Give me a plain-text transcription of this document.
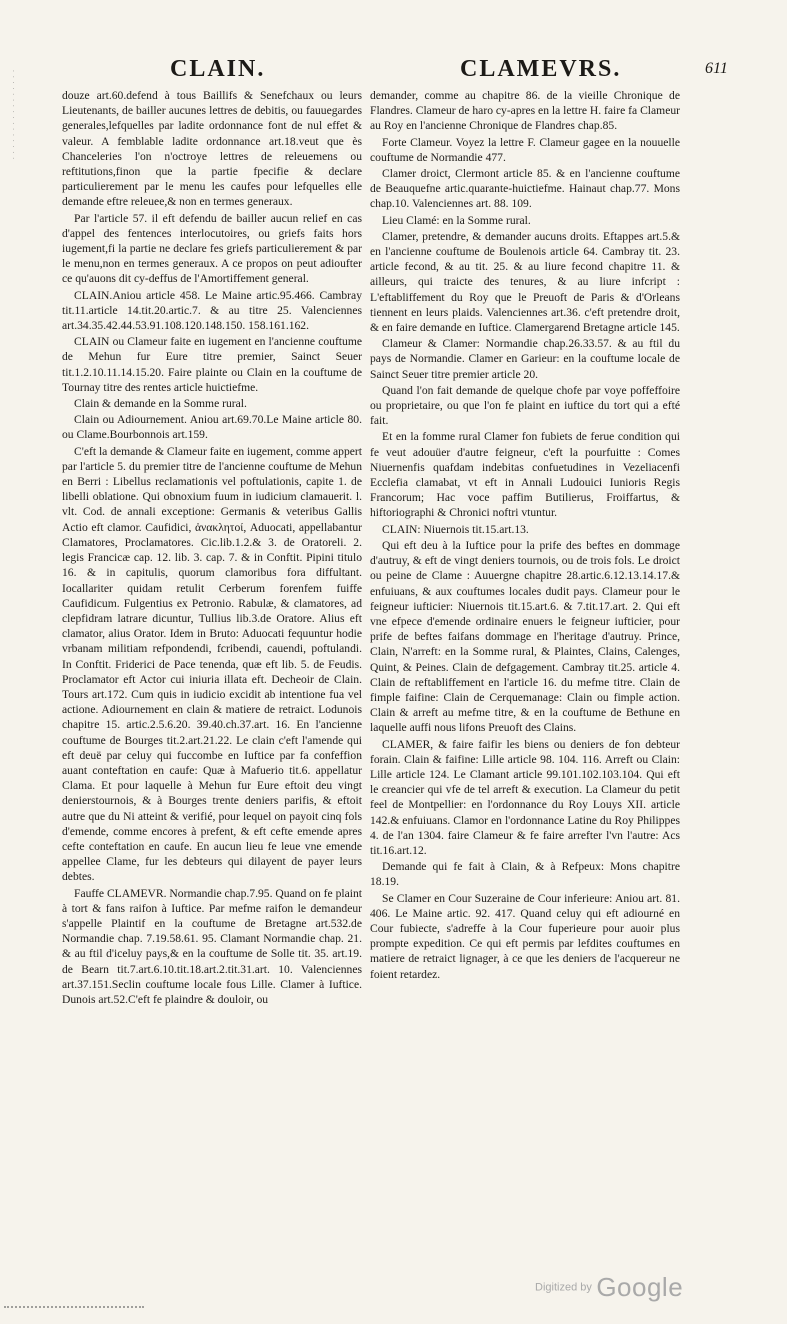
· · · · · · · · · · · · · · · ·
CLAIN.	CLAMEVRS.	611

douze art.60.defend à tous Baillifs & Senefchaux ou leurs Lieutenants, de bailler aucunes lettres de debitis, ou fauuegardes generales,lefquelles par ladite ordonnance font de nul effet & valeur. A femblable ladite ordonnance art.18.veut que ès Chanceleries l'on n'octroye lettres de releuemens ou reftitutions,finon que la partie fpecifie & declare particulierement par le menu les caufes pour lefquelles elle demande eftre releuee,& non en termes generaux.

Par l'article 57. il eft defendu de bailler aucun relief en cas d'appel des fentences interlocutoires, ou griefs faits hors iugement,fi la partie ne declare fes griefs particulierement & par le menu,non en termes generaux. A ce propos on peut adioufter ce qu'auons dit cy-deffus de l'Amortiffement general.

CLAIN.Aniou article 458. Le Maine artic.95.466. Cambray tit.11.article 14.tit.20.artic.7. & au titre 25. Valenciennes art.34.35.42.44.53.91.108.120.148.150. 158.161.162.

CLAIN ou Clameur faite en iugement en l'ancienne couftume de Mehun fur Eure titre premier, Sainct Seuer tit.1.2.10.11.14.15.20. Faire plainte ou Clain en la couftume de Tournay titre des rentes article huictiefme.

Clain & demande en la Somme rural.

Clain ou Adiournement. Aniou art.69.70.Le Maine article 80. ou Clame.Bourbonnois art.159.

C'eft la demande & Clameur faite en iugement, comme appert par l'article 5. du premier titre de l'ancienne couftume de Mehun en Berri : Libellus reclamationis vel poftulationis, capite 1. de libelli oblatione. Qui obnoxium fuum in iudicium clamauerit. l. vlt. Cod. de annali exceptione: Germanis & veteribus Gallis Actio eft clamor. Caufidici, ἀνακλητοί, Aduocati, appellabantur Clamatores, Proclamatores. Cic.lib.1.2.& 3. de Oratoreli. 2. legis Francicæ cap. 12. lib. 3. cap. 7. & in Conftit. Pipini titulo 16. & in capitulis, quorum clamoribus fora diffultant. Iocallariter quidam retulit Cerberum forenfem fuiffe Caufidicum. Fulgentius ex Petronio. Rabulæ, & clamatores, ad clepfidram latrare dicuntur, Tullius lib.3.de Oratore. Alius eft clamator, alius Orator. Idem in Bruto: Aduocati fequuntur hodie vrbanam militiam refpondendi, fcribendi, cauendi, poftulandi. In Conftit. Friderici de Pace tenenda, quæ eft lib. 5. de Feudis. Proclamator eft Actor cui iniuria illata eft. Decheoir de Clain. Tours art.172. Cum quis in iudicio excidit ab intentione fua vel actione. Adiournement en clain & matiere de retraict. Lodunois chapitre 15. artic.2.5.6.20. 39.40.ch.37.art. 16. En l'ancienne couftume de Bourges tit.2.art.21.22. Le clain c'eft l'amende qui eft deuë par celuy qui fuccombe en Iuftice par fa confeffion auant conteftation en caufe: Quæ à Mafuerio tit.6. appellatur Clama. Et pour laquelle à Mehun fur Eure eftoit deu vingt denierstournois, & à Bourges trente deniers parifis, & eftoit autre que du Ni atteint & verifié, pour lequel on payoit cinq fols d'emende, comme encores à prefent, & eft cefte emende apres cefte conteftation en caufe. En aucun lieu fe leue vne emende appellee Clame, fur les debteurs qui dilayent de payer leurs debtes.

Fauffe CLAMEVR. Normandie chap.7.95. Quand on fe plaint à tort & fans raifon à Iuftice. Par mefme raifon le demandeur s'appelle Plaintif en la couftume de Bretagne art.532.de Normandie chap. 7.19.58.61. 95. Clamant Normandie chap. 21. & au ftil d'iceluy pays,& en la couftume de Solle tit. 35. art.19. de Bearn tit.7.art.6.10.tit.18.art.2.tit.31.art. 10. Valenciennes art.37.151.Seclin couftume locale fous Lille. Clamer à Iuftice. Dunois art.52.C'eft fe plaindre & douloir, ou

demander, comme au chapitre 86. de la vieille Chronique de Flandres. Clameur de haro cy-apres en la lettre H. faire fa Clameur au Roy en l'ancienne Chronique de Flandres chap.85.

Forte Clameur. Voyez la lettre F. Clameur gagee en la nouuelle couftume de Normandie 477.

Clamer droict, Clermont article 85. & en l'ancienne couftume de Beauquefne artic.quarante-huictiefme. Hainaut chap.77. Mons chap.10. Valenciennes art. 88. 109.

Lieu Clamé: en la Somme rural.

Clamer, pretendre, & demander aucuns droits. Eftappes art.5.& en l'ancienne couftume de Boulenois article 64. Cambray tit. 23. article fecond, & au tit. 25. & au liure fecond chapitre 11. & ailleurs, qui traicte des tenures, & au liure infcript : L'eftabliffement du Roy que le Preuoft de Paris & d'Orleans tiennent en leurs plaids. Valenciennes art.36. c'eft pretendre droit, & en faire demande en Iuftice. Clamergarend Bretagne article 145.

Clameur & Clamer: Normandie chap.26.33.57. & au ftil du pays de Normandie. Clamer en Garieur: en la couftume locale de Sainct Seuer titre premier article 20.

Quand l'on fait demande de quelque chofe par voye poffeffoire ou proprietaire, ou que l'on fe plaint en iuftice du tort qui a efté fait.

Et en la fomme rural Clamer fon fubiets de ferue condition qui fe veut adouüer d'autre feigneur, c'eft la pourfuitte : Comes Niuernenfis quafdam indebitas confuetudines in Vezeliacenfi Ecclefia clamabat, vt eft in Annali Ludouici Iunioris Regis Francorum; Hac voce paffim Butilierus, Froiffartus, & hiftoriographi & Chronici noftri vtuntur.

CLAIN: Niuernois tit.15.art.13.

Qui eft deu à la Iuftice pour la prife des beftes en dommage d'autruy, & eft de vingt deniers tournois, ou de trois fols. Le droict ou peine de Clame : Auuergne chapitre 28.artic.6.12.13.14.17.& enfuiuans, & aux couftumes locales dudit pays. Clameur pour le feigneur iufticier: Niuernois tit.15.art.6. & 7.tit.17.art. 2. Qui eft vne efpece d'emende ordinaire enuers le feigneur iufticier, pour prife de beftes faifans dommage en l'heritage d'autruy. Prince, Clain, N'arreft: en la Somme rural, & Plaintes, Clains, Calenges, Quint, & Peines. Clain de defgagement. Cambray tit.25. article 4. Clain de reftabliffement en l'article 16. du mefme titre. Clain de fimple faifine: Clain de Cerquemanage: Clain ou fimple action. Clain & arreft au mefme titre, & en la couftume de Bethune en laquelle auffi nous lifons Preuoft des Clains.

CLAMER, & faire faifir les biens ou deniers de fon debteur forain. Clain & faifine: Lille article 98. 104. 116. Arreft ou Clain: Lille article 124. Le Clamant article 99.101.102.103.104. Qui eft le creancier qui vfe de tel arreft & execution. La Clameur du petit feel de Montpellier: en l'ordonnance du Roy Louys XII. article 142.& enfuiuans. Clamor en l'ordonnance Latine du Roy Philippes 4. de l'an 1304. faire Clameur & fe faire arrefter l'vn l'autre: Acs tit.16.art.12.

Demande qui fe fait à Clain, & à Refpeux: Mons chapitre 18.19.

Se Clamer en Cour Suzeraine de Cour inferieure: Aniou art. 81. 406. Le Maine artic. 92. 417. Quand celuy qui eft adiourné en Cour fubiecte, s'adreffe à la Cour fuperieure pour auoir plus prompte expedition. Ce qui eft permis par lefdites couftumes en matiere de retraict lignager, à ce que les deniers de l'acquereur ne foient retardez.

Digitized by Google
